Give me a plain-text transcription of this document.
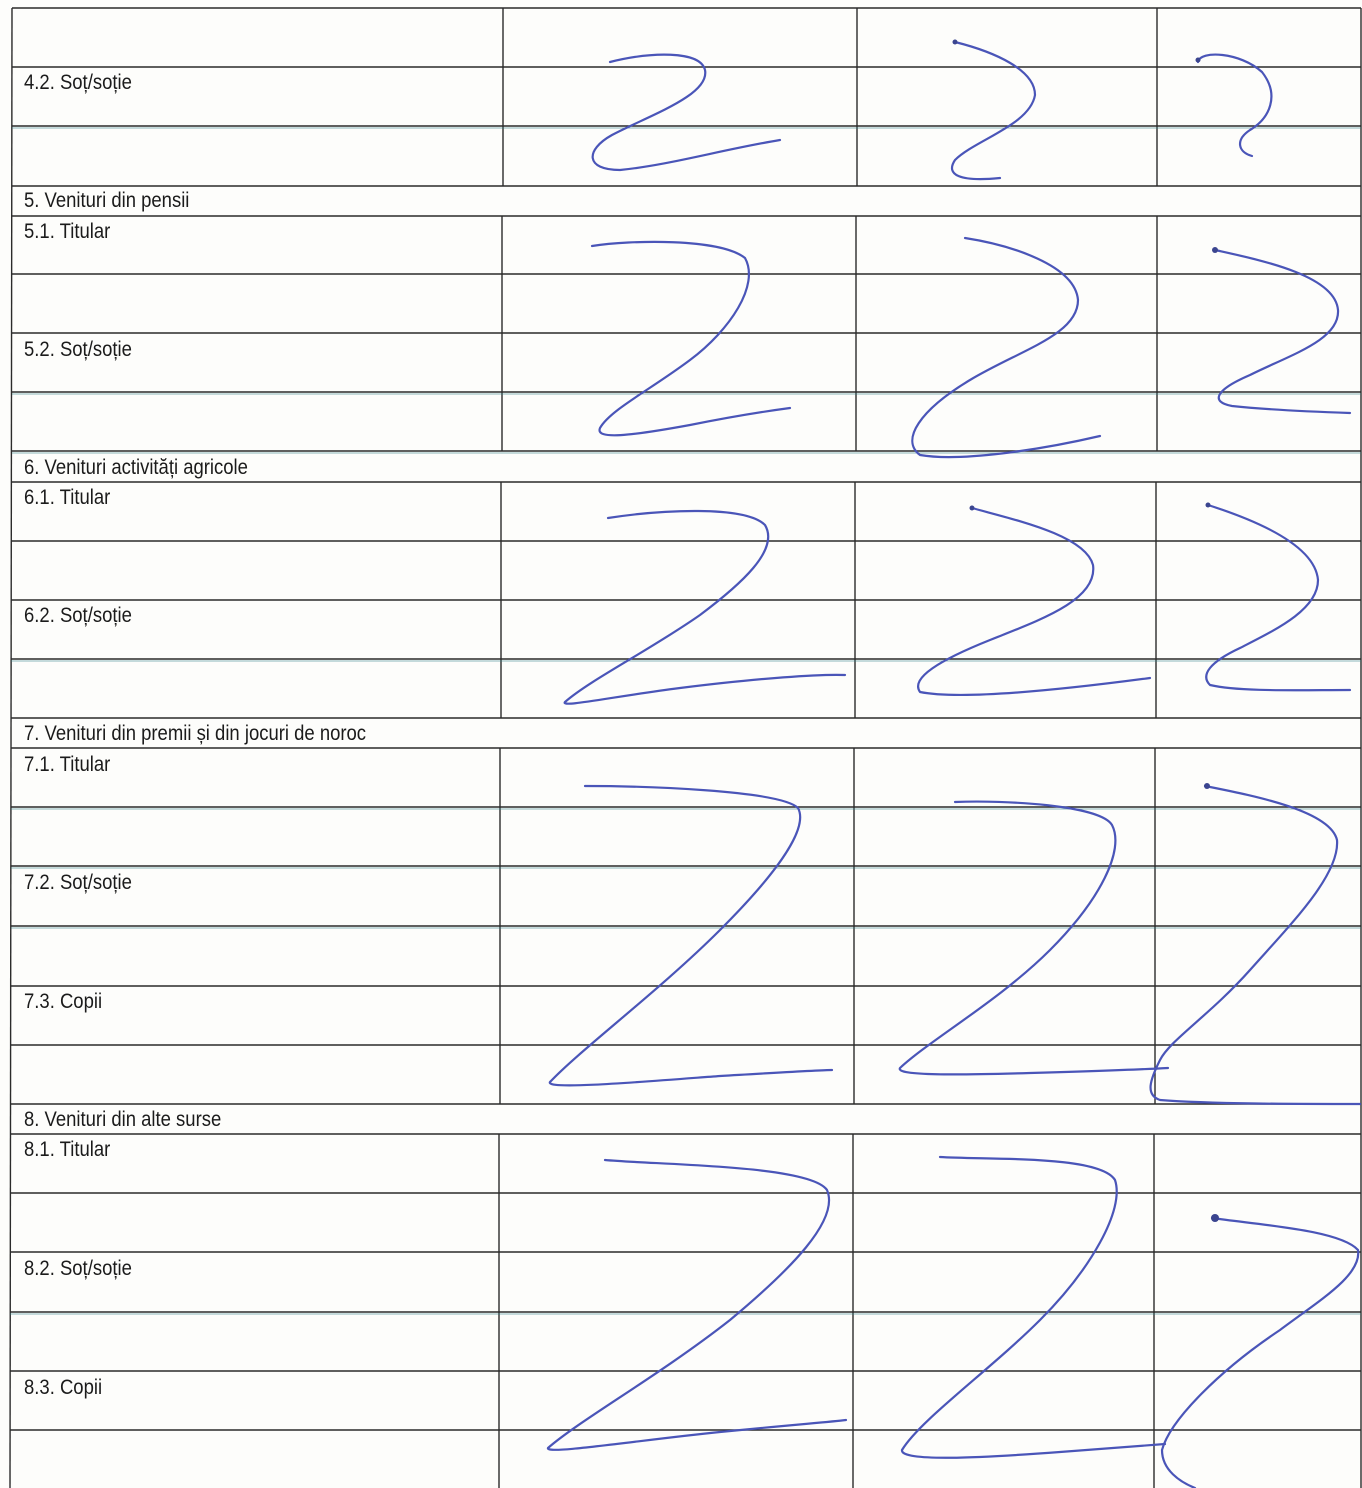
4.2. Soț/soție
5. Venituri din pensii
5.1. Titular
5.2. Soț/soție
6. Venituri activități agricole
6.1. Titular
6.2. Soț/soție
7. Venituri din premii și din jocuri de noroc
7.1. Titular
7.2. Soț/soție
7.3. Copii
8. Venituri din alte surse
8.1. Titular
8.2. Soț/soție
8.3. Copii
